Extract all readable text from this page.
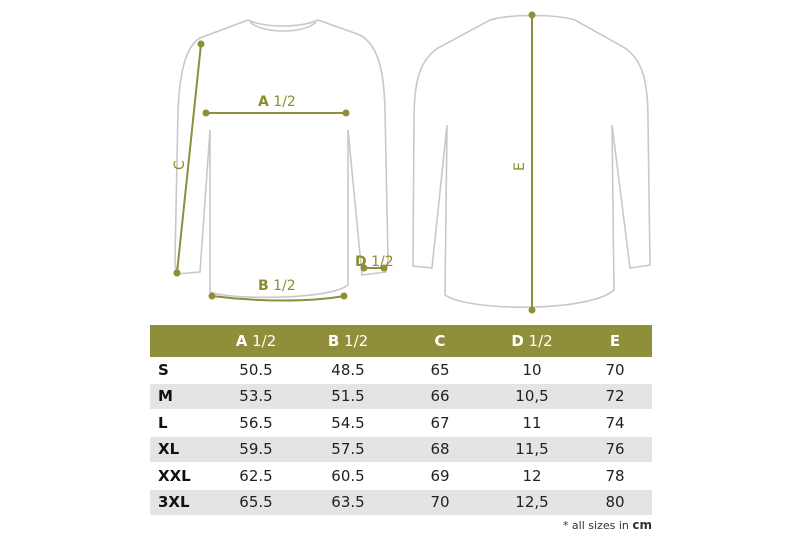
A 1/2
B 1/2
C
D 1/2
E
	A 1/2	B 1/2	C	D 1/2	E
S	50.5	48.5	65	10	70
M	53.5	51.5	66	10,5	72
L	56.5	54.5	67	11	74
XL	59.5	57.5	68	11,5	76
XXL	62.5	60.5	69	12	78
3XL	65.5	63.5	70	12,5	80
* all sizes in cm
